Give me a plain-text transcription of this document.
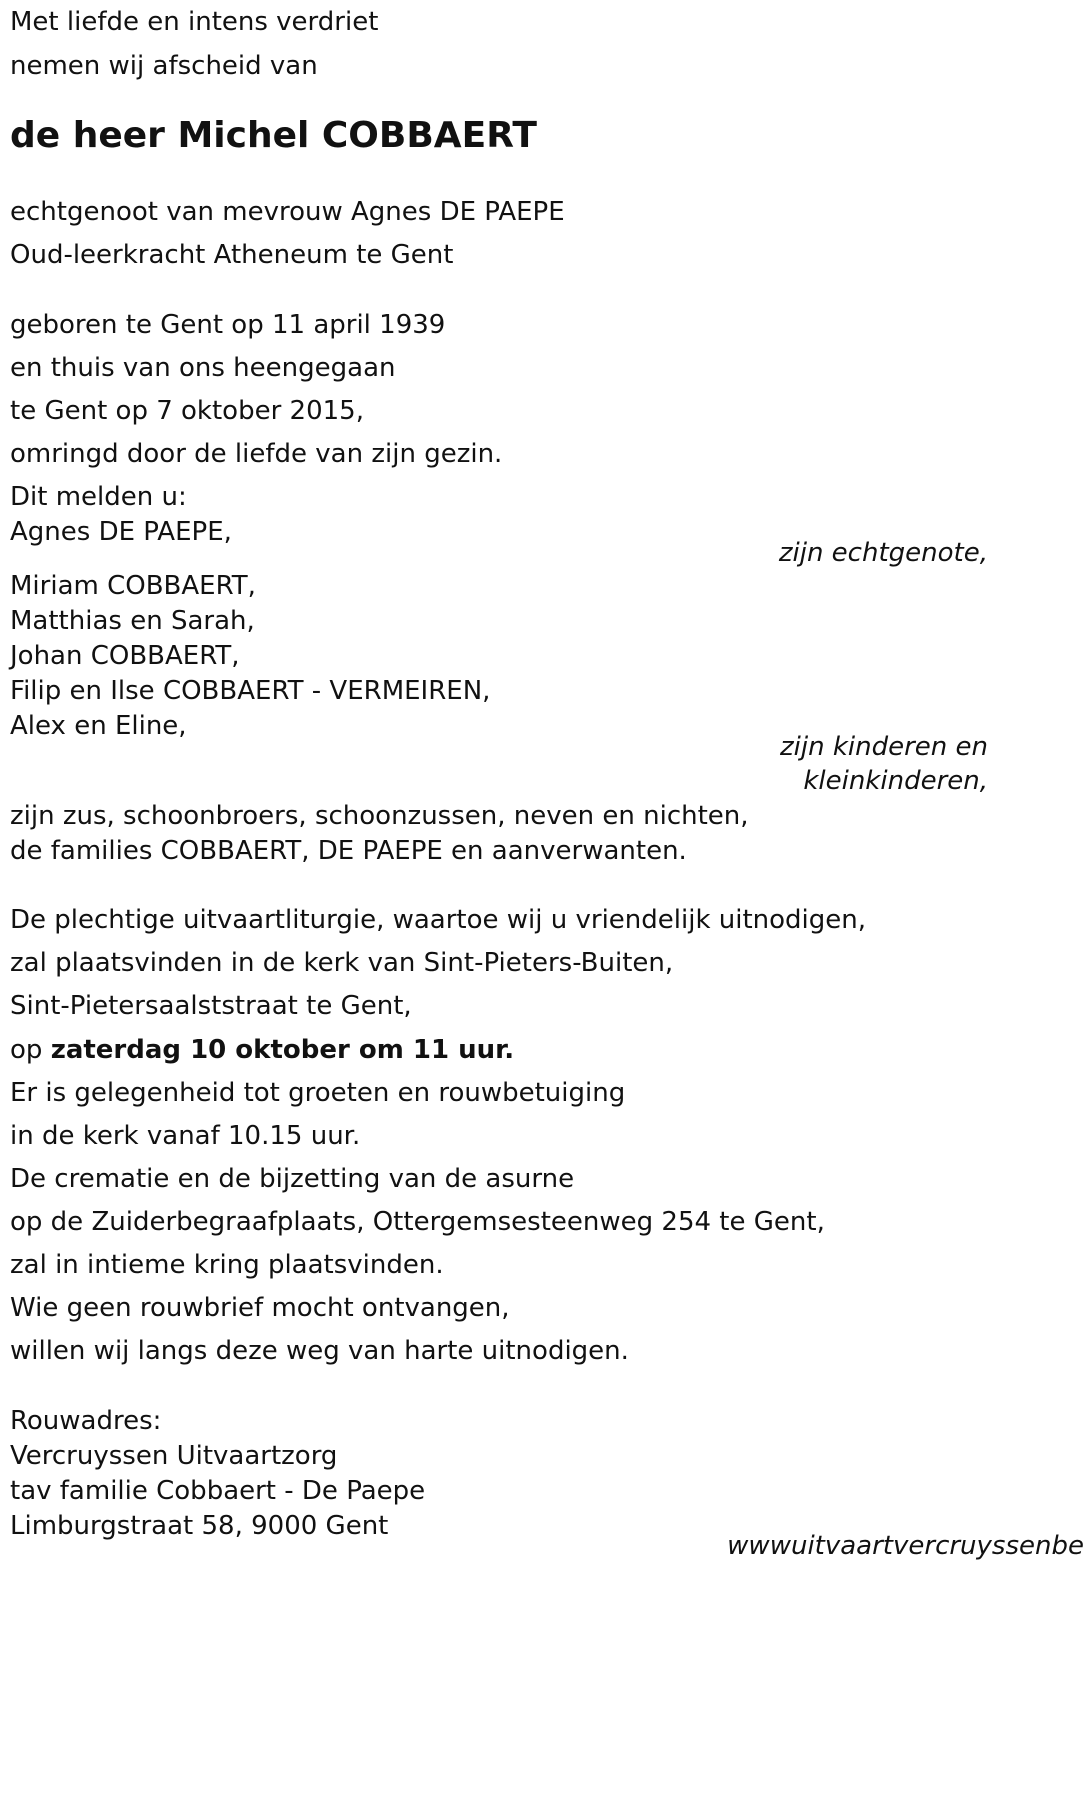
Met liefde en intens verdriet
nemen wij afscheid van
de heer Michel COBBAERT
echtgenoot van mevrouw Agnes DE PAEPE
Oud-leerkracht Atheneum te Gent
geboren te Gent op 11 april 1939
en thuis van ons heengegaan
te Gent op 7 oktober 2015,
omringd door de liefde van zijn gezin.
Dit melden u:
Agnes DE PAEPE,
zijn echtgenote,
Miriam COBBAERT,
Matthias en Sarah,
Johan COBBAERT,
Filip en Ilse COBBAERT - VERMEIREN,
Alex en Eline,
zijn kinderen en
kleinkinderen,
zijn zus, schoonbroers, schoonzussen, neven en nichten,
de families COBBAERT, DE PAEPE en aanverwanten.
De plechtige uitvaartliturgie, waartoe wij u vriendelijk uitnodigen,
zal plaatsvinden in de kerk van Sint-Pieters-Buiten,
Sint-Pietersaalststraat te Gent,
op zaterdag 10 oktober om 11 uur.
Er is gelegenheid tot groeten en rouwbetuiging
in de kerk vanaf 10.15 uur.
De crematie en de bijzetting van de asurne
op de Zuiderbegraafplaats, Ottergemsesteenweg 254 te Gent,
zal in intieme kring plaatsvinden.
Wie geen rouwbrief mocht ontvangen,
willen wij langs deze weg van harte uitnodigen.
Rouwadres:
Vercruyssen Uitvaartzorg
tav familie Cobbaert - De Paepe
Limburgstraat 58, 9000 Gent
wwwuitvaartvercruyssenbe
